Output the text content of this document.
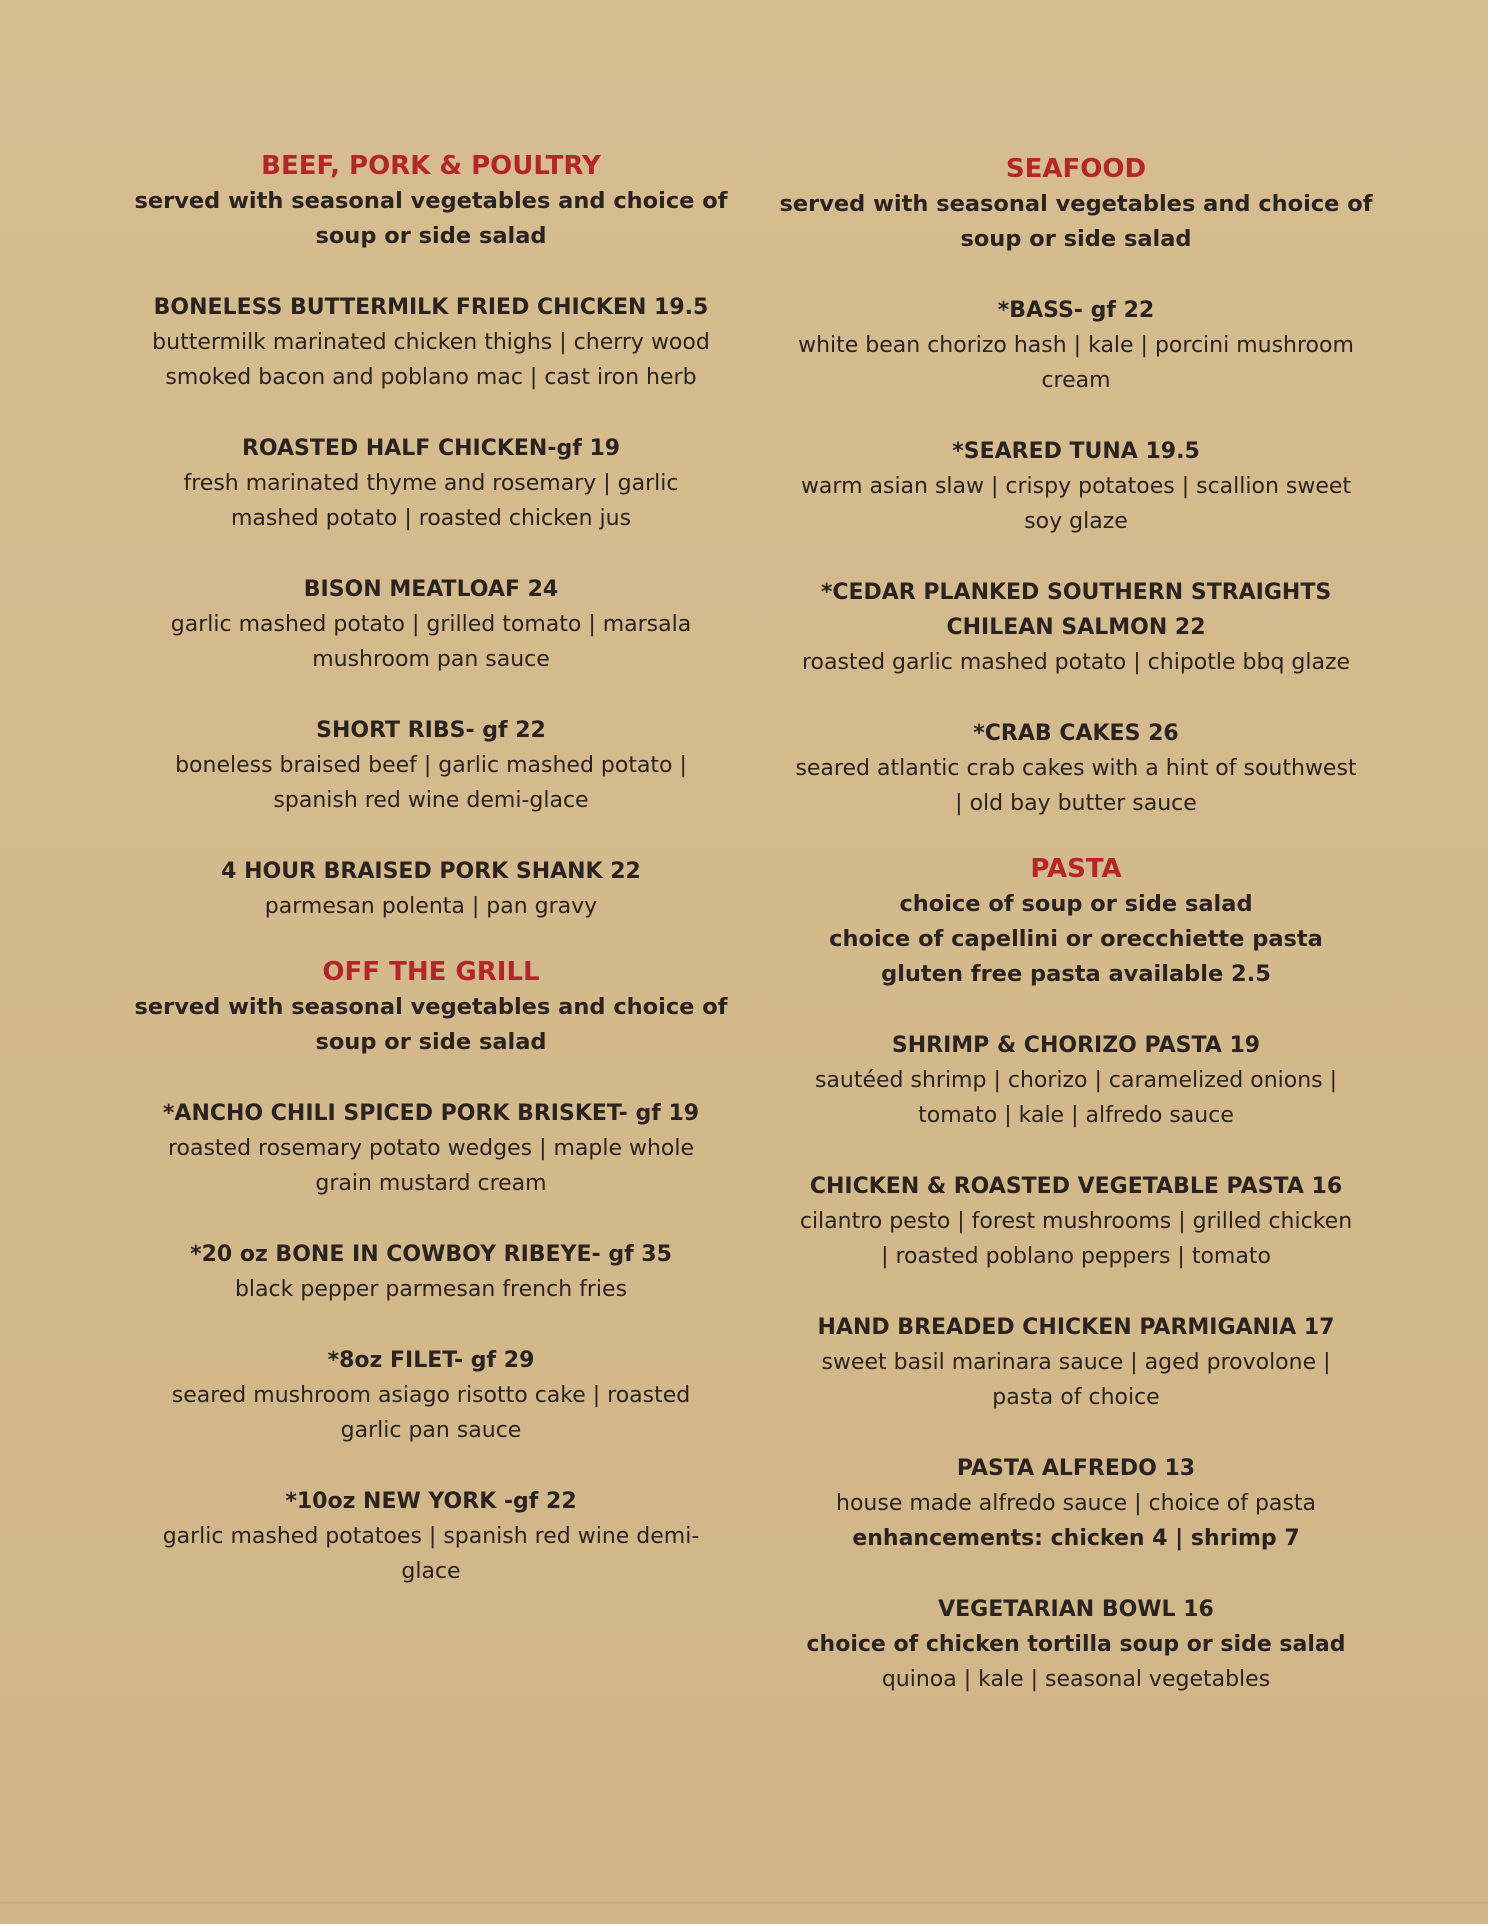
BEEF, PORK & POULTRY

served with seasonal vegetables and choice of

soup or side salad

BONELESS BUTTERMILK FRIED CHICKEN 19.5

buttermilk marinated chicken thighs | cherry wood

smoked bacon and poblano mac | cast iron herb

ROASTED HALF CHICKEN-gf 19

fresh marinated thyme and rosemary | garlic

mashed potato | roasted chicken jus

BISON MEATLOAF 24

garlic mashed potato | grilled tomato | marsala

mushroom pan sauce

SHORT RIBS- gf 22

boneless braised beef | garlic mashed potato |

spanish red wine demi-glace

4 HOUR BRAISED PORK SHANK 22

parmesan polenta | pan gravy

OFF THE GRILL

served with seasonal vegetables and choice of

soup or side salad

*ANCHO CHILI SPICED PORK BRISKET- gf 19

roasted rosemary potato wedges | maple whole

grain mustard cream

*20 oz BONE IN COWBOY RIBEYE- gf 35

black pepper parmesan french fries

*8oz FILET- gf 29

seared mushroom asiago risotto cake | roasted

garlic pan sauce

*10oz NEW YORK -gf 22

garlic mashed potatoes | spanish red wine demi-

glace

SEAFOOD

served with seasonal vegetables and choice of

soup or side salad

*BASS- gf 22

white bean chorizo hash | kale | porcini mushroom

cream

*SEARED TUNA 19.5

warm asian slaw | crispy potatoes | scallion sweet

soy glaze

*CEDAR PLANKED SOUTHERN STRAIGHTS

CHILEAN SALMON 22

roasted garlic mashed potato | chipotle bbq glaze

*CRAB CAKES 26

seared atlantic crab cakes with a hint of southwest

| old bay butter sauce

PASTA

choice of soup or side salad

choice of capellini or orecchiette pasta

gluten free pasta available 2.5

SHRIMP & CHORIZO PASTA 19

sautéed shrimp | chorizo | caramelized onions |

tomato | kale | alfredo sauce

CHICKEN & ROASTED VEGETABLE PASTA 16

cilantro pesto | forest mushrooms | grilled chicken

| roasted poblano peppers | tomato

HAND BREADED CHICKEN PARMIGANIA 17

sweet basil marinara sauce | aged provolone |

pasta of choice

PASTA ALFREDO 13

house made alfredo sauce | choice of pasta

enhancements: chicken 4 | shrimp 7

VEGETARIAN BOWL 16

choice of chicken tortilla soup or side salad

quinoa | kale | seasonal vegetables
